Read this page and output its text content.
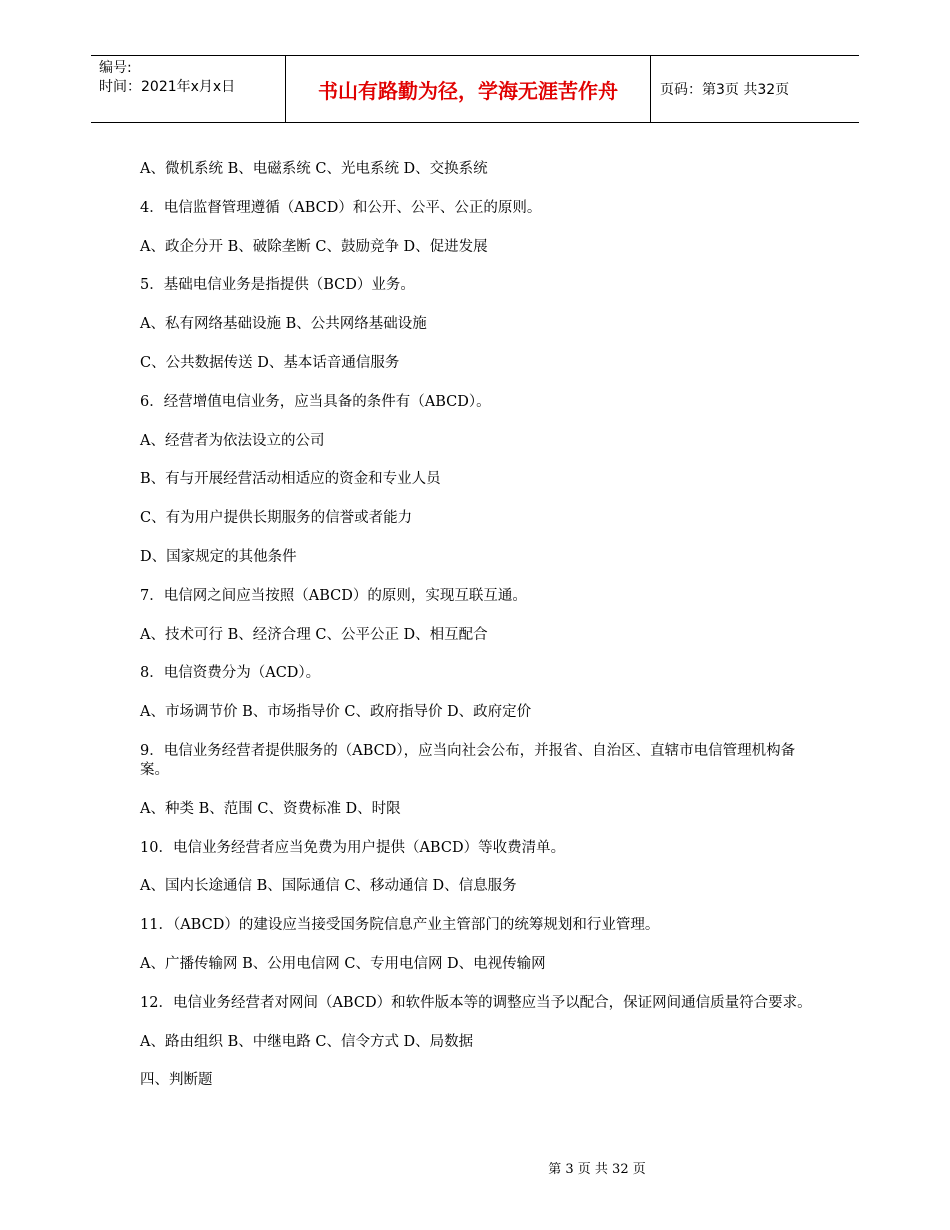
编号:
时间：2021年x月x日	书山有路勤为径，学海无涯苦作舟	页码：第3页 共32页

A、微机系统 B、电磁系统 C、光电系统 D、交换系统

4．电信监督管理遵循（ABCD）和公开、公平、公正的原则。

A、政企分开 B、破除垄断 C、鼓励竞争 D、促进发展

5．基础电信业务是指提供（BCD）业务。

A、私有网络基础设施 B、公共网络基础设施

C、公共数据传送 D、基本话音通信服务

6．经营增值电信业务，应当具备的条件有（ABCD）。

A、经营者为依法设立的公司

B、有与开展经营活动相适应的资金和专业人员

C、有为用户提供长期服务的信誉或者能力

D、国家规定的其他条件

7．电信网之间应当按照（ABCD）的原则，实现互联互通。

A、技术可行 B、经济合理 C、公平公正 D、相互配合

8．电信资费分为（ACD）。

A、市场调节价 B、市场指导价 C、政府指导价 D、政府定价

9．电信业务经营者提供服务的（ABCD），应当向社会公布，并报省、自治区、直辖市电信管理机构备案。

A、种类 B、范围 C、资费标准 D、时限

10．电信业务经营者应当免费为用户提供（ABCD）等收费清单。

A、国内长途通信 B、国际通信 C、移动通信 D、信息服务

11．（ABCD）的建设应当接受国务院信息产业主管部门的统筹规划和行业管理。

A、广播传输网 B、公用电信网 C、专用电信网 D、电视传输网

12．电信业务经营者对网间（ABCD）和软件版本等的调整应当予以配合，保证网间通信质量符合要求。

A、路由组织 B、中继电路 C、信令方式 D、局数据

四、判断题

第 3 页 共 32 页
